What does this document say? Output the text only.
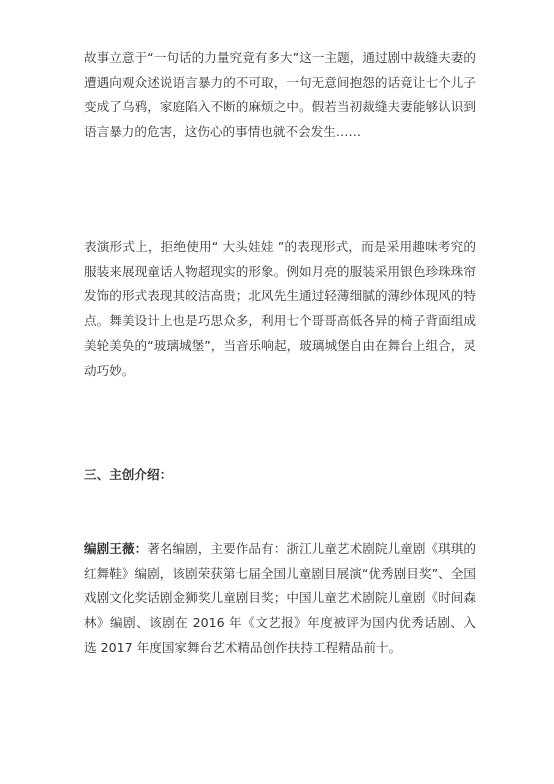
故事立意于“一句话的力量究竟有多大”这一主题，通过剧中裁缝夫妻的遭遇向观众述说语言暴力的不可取，一句无意间抱怨的话竟让七个儿子变成了乌鸦，家庭陷入不断的麻烦之中。假若当初裁缝夫妻能够认识到语言暴力的危害，这伤心的事情也就不会发生……

表演形式上，拒绝使用“ 大头娃娃 ”的表现形式，而是采用趣味考究的服装来展现童话人物超现实的形象。例如月亮的服装采用银色珍珠珠帘发饰的形式表现其皎洁高贵；北风先生通过轻薄细腻的薄纱体现风的特点。舞美设计上也是巧思众多，利用七个哥哥高低各异的椅子背面组成美轮美奂的“玻璃城堡”，当音乐响起，玻璃城堡自由在舞台上组合，灵动巧妙。

三、主创介绍：

编剧王薇：著名编剧，主要作品有：浙江儿童艺术剧院儿童剧《琪琪的红舞鞋》编剧，该剧荣获第七届全国儿童剧目展演“优秀剧目奖”、全国戏剧文化奖话剧金狮奖儿童剧目奖；中国儿童艺术剧院儿童剧《时间森林》编剧、该剧在 2016 年《文艺报》年度被评为国内优秀话剧、入选 2017 年度国家舞台艺术精品创作扶持工程精品前十。
